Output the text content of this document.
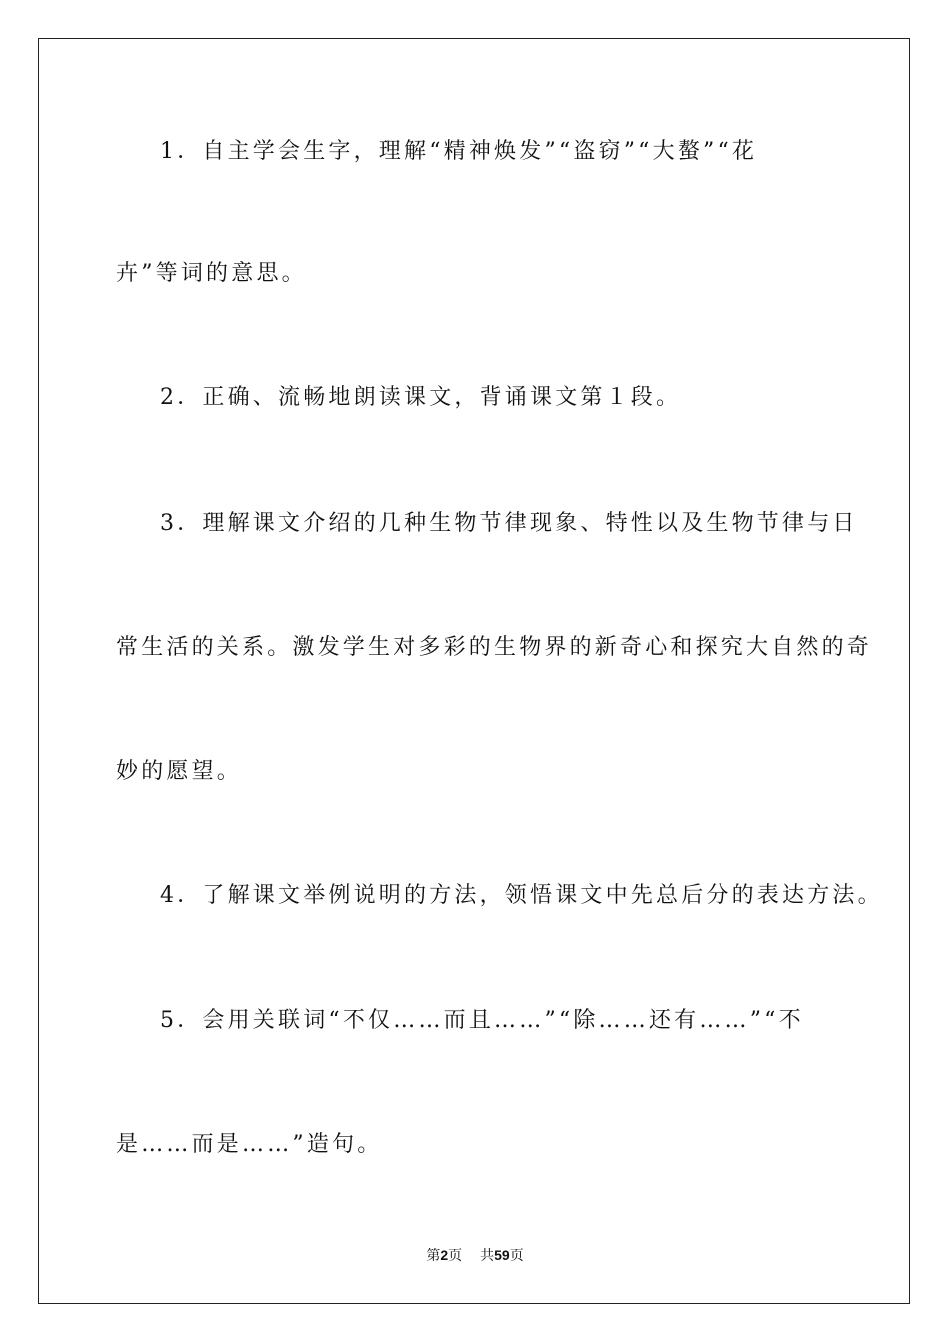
1．自主学会生字，理解“精神焕发”“盗窃”“大螯”“花
卉”等词的意思。
2．正确、流畅地朗读课文，背诵课文第１段。
3．理解课文介绍的几种生物节律现象、特性以及生物节律与日
常生活的关系。激发学生对多彩的生物界的新奇心和探究大自然的奇
妙的愿望。
4．了解课文举例说明的方法，领悟课文中先总后分的表达方法。
5．会用关联词“不仅……而且……”“除……还有……”“不
是……而是……”造句。
第2页 共59页
